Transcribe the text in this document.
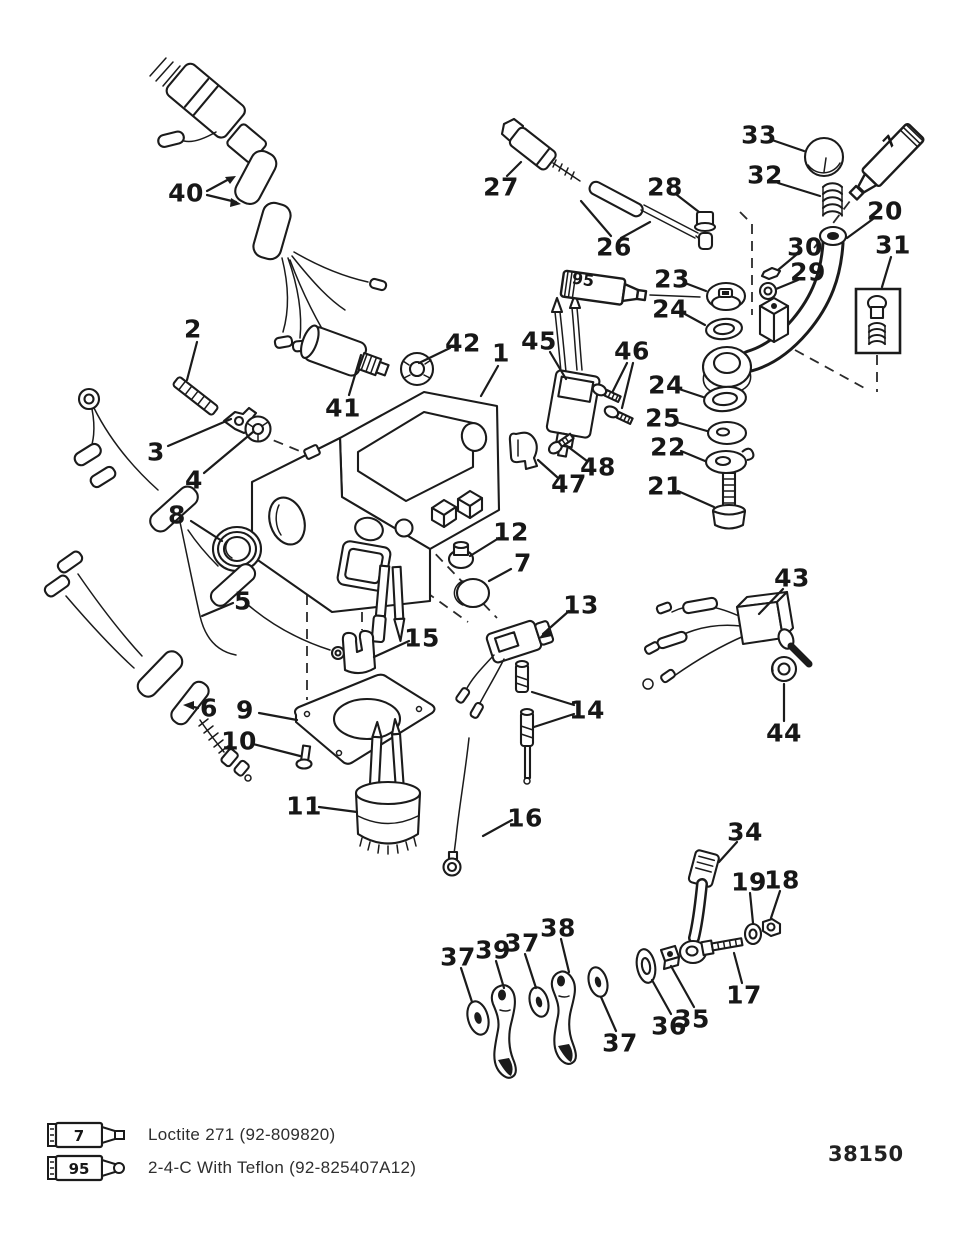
1
2
3
4
5
6
7
8
9
10
11
12
13
14
15
16
17
18
19
20
21
22
23
24
24
25
26
27	28
29
30 31
32
33
34
35
36
37 37
37
38
39
40
41
42
43
44
45 46
47
48
7
95
7	Loctite 271 (92-809820)
95	2-4-C With Teflon (92-825407A12)
38150
